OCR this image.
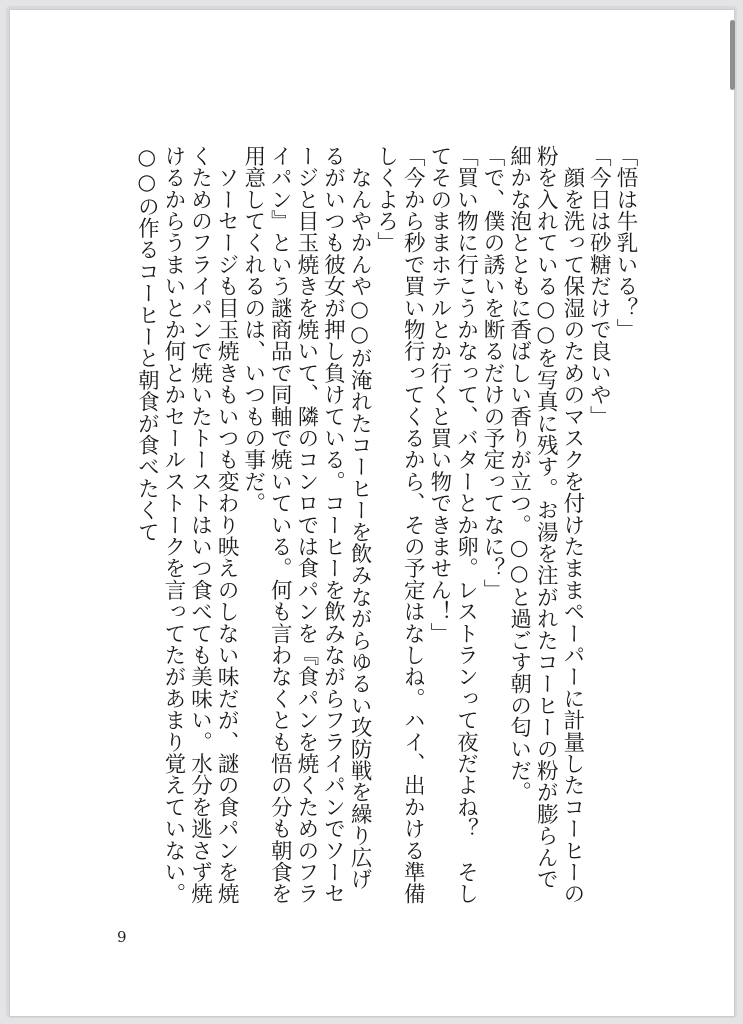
「悟は牛乳いる？」

「今日は砂糖だけで良いや」

　顔を洗って保湿のためのマスクを付けたままペーパーに計量したコーヒーの粉を入れている○○を写真に残す。お湯を注がれたコーヒーの粉が膨らんで細かな泡とともに香ばしい香りが立つ。○○と過ごす朝の匂いだ。

「で、僕の誘いを断るだけの予定ってなに？」

「買い物に行こうかなって、バターとか卵。レストランって夜だよね？　そしてそのままホテルとか行くと買い物できません！」

「今から秒で買い物行ってくるから、その予定はなしね。ハイ、出かける準備しくよろ」

　なんやかんや○○が淹れたコーヒーを飲みながらゆるい攻防戦を繰り広げるがいつも彼女が押し負けている。コーヒーを飲みながらフライパンでソーセージと目玉焼きを焼いて、隣のコンロでは食パンを『食パンを焼くためのフライパン』という謎商品で同軸で焼いている。何も言わなくとも悟の分も朝食を用意してくれるのは、いつもの事だ。

　ソーセージも目玉焼きもいつも変わり映えのしない味だが、謎の食パンを焼くためのフライパンで焼いたトーストはいつ食べても美味い。水分を逃さず焼けるからうまいとか何とかセールストークを言ってたがあまり覚えていない。○○の作るコーヒーと朝食が食べたくて

9
